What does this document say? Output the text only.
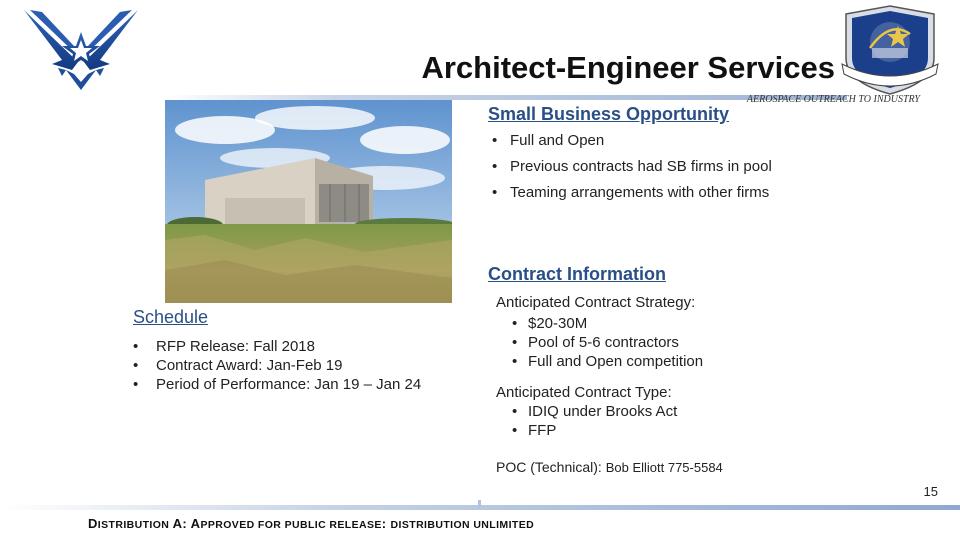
Architect-Engineer Services
AEROSPACE OUTREACH TO INDUSTRY
Small Business Opportunity
• Full and Open
• Previous contracts had SB firms in pool
• Teaming arrangements with other firms
Contract Information
Anticipated Contract Strategy:
• $20-30M
• Pool of 5-6 contractors
• Full and Open competition
Anticipated Contract Type:
• IDIQ under Brooks Act
• FFP
POC (Technical): Bob Elliott 775-5584
Schedule
• RFP Release: Fall 2018
• Contract Award: Jan-Feb 19
• Period of Performance: Jan 19 – Jan 24
15
DISTRIBUTION A: APPROVED FOR PUBLIC RELEASE: DISTRIBUTION UNLIMITED
